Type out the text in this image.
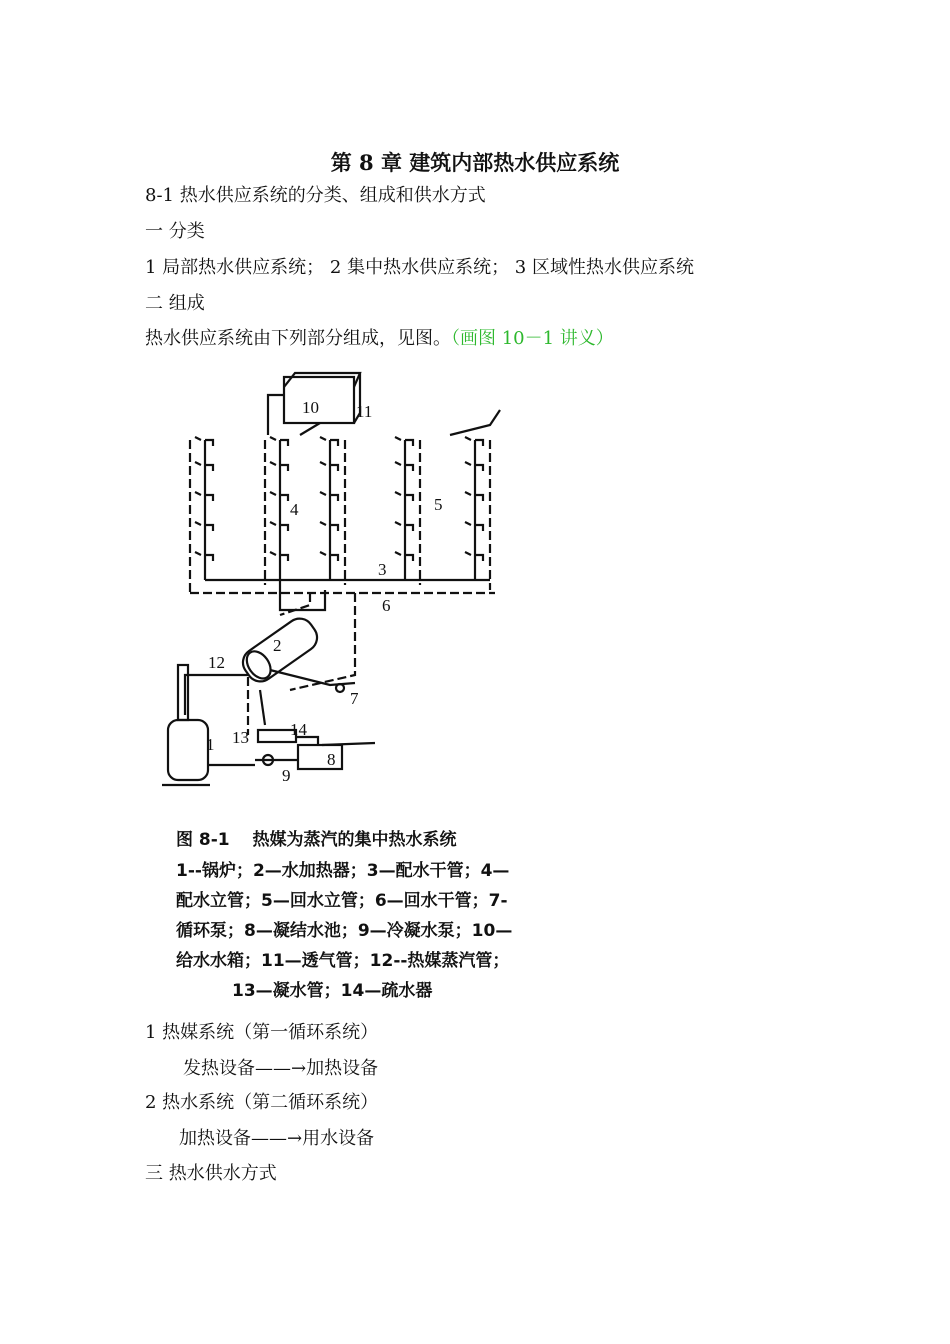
第 8 章 建筑内部热水供应系统
8-1 热水供应系统的分类、组成和供水方式
一 分类
1 局部热水供应系统； 2 集中热水供应系统； 3 区域性热水供应系统
二 组成
热水供应系统由下列部分组成，见图。（画图 10－1 讲义）
10 11
4	5
3
6
2
12
7
1 13 14
9
8
图 8-1　 热媒为蒸汽的集中热水系统
1--锅炉；2—水加热器；3—配水干管；4—
配水立管；5—回水立管；6—回水干管；7-
循环泵；8—凝结水池；9—冷凝水泵；10—
给水水箱；11—透气管；12--热媒蒸汽管；
13—凝水管；14—疏水器
1 热媒系统（第一循环系统）
发热设备——→加热设备
2 热水系统（第二循环系统）
加热设备——→用水设备
三 热水供水方式
